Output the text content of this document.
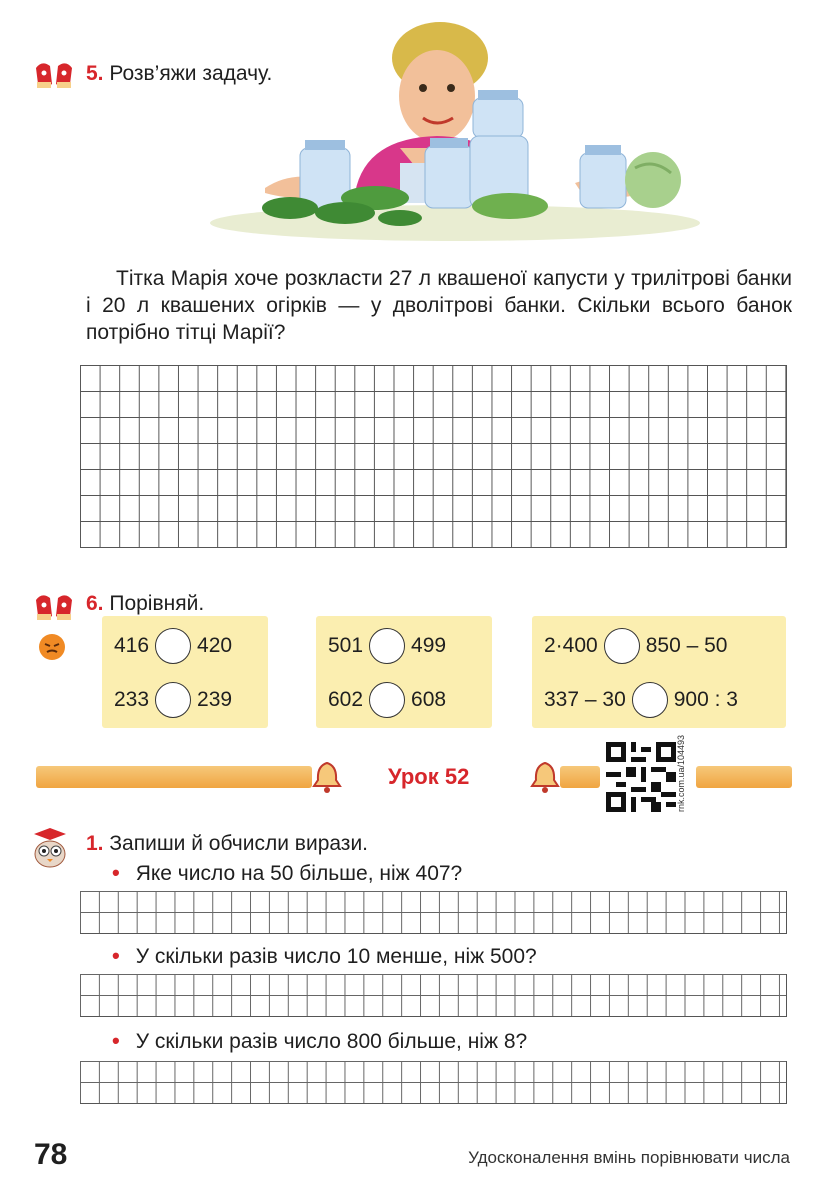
5. Розв’яжи задачу.
Тітка Марія хоче розкласти 27 л квашеної капусти у трилітрові банки і 20 л квашених огірків — у дволітрові банки. Скільки всього банок потрібно тітці Марії?
6. Порівняй.
416 420
233 239
501 499
602 608
2·400 850 – 50
337 – 30 900 : 3
Урок 52	rnk.com.ua/104493
1. Запиши й обчисли вирази.
• Яке число на 50 більше, ніж 407?
• У скільки разів число 10 менше, ніж 500?
• У скільки разів число 800 більше, ніж 8?
78	Удосконалення вмінь порівнювати числа
